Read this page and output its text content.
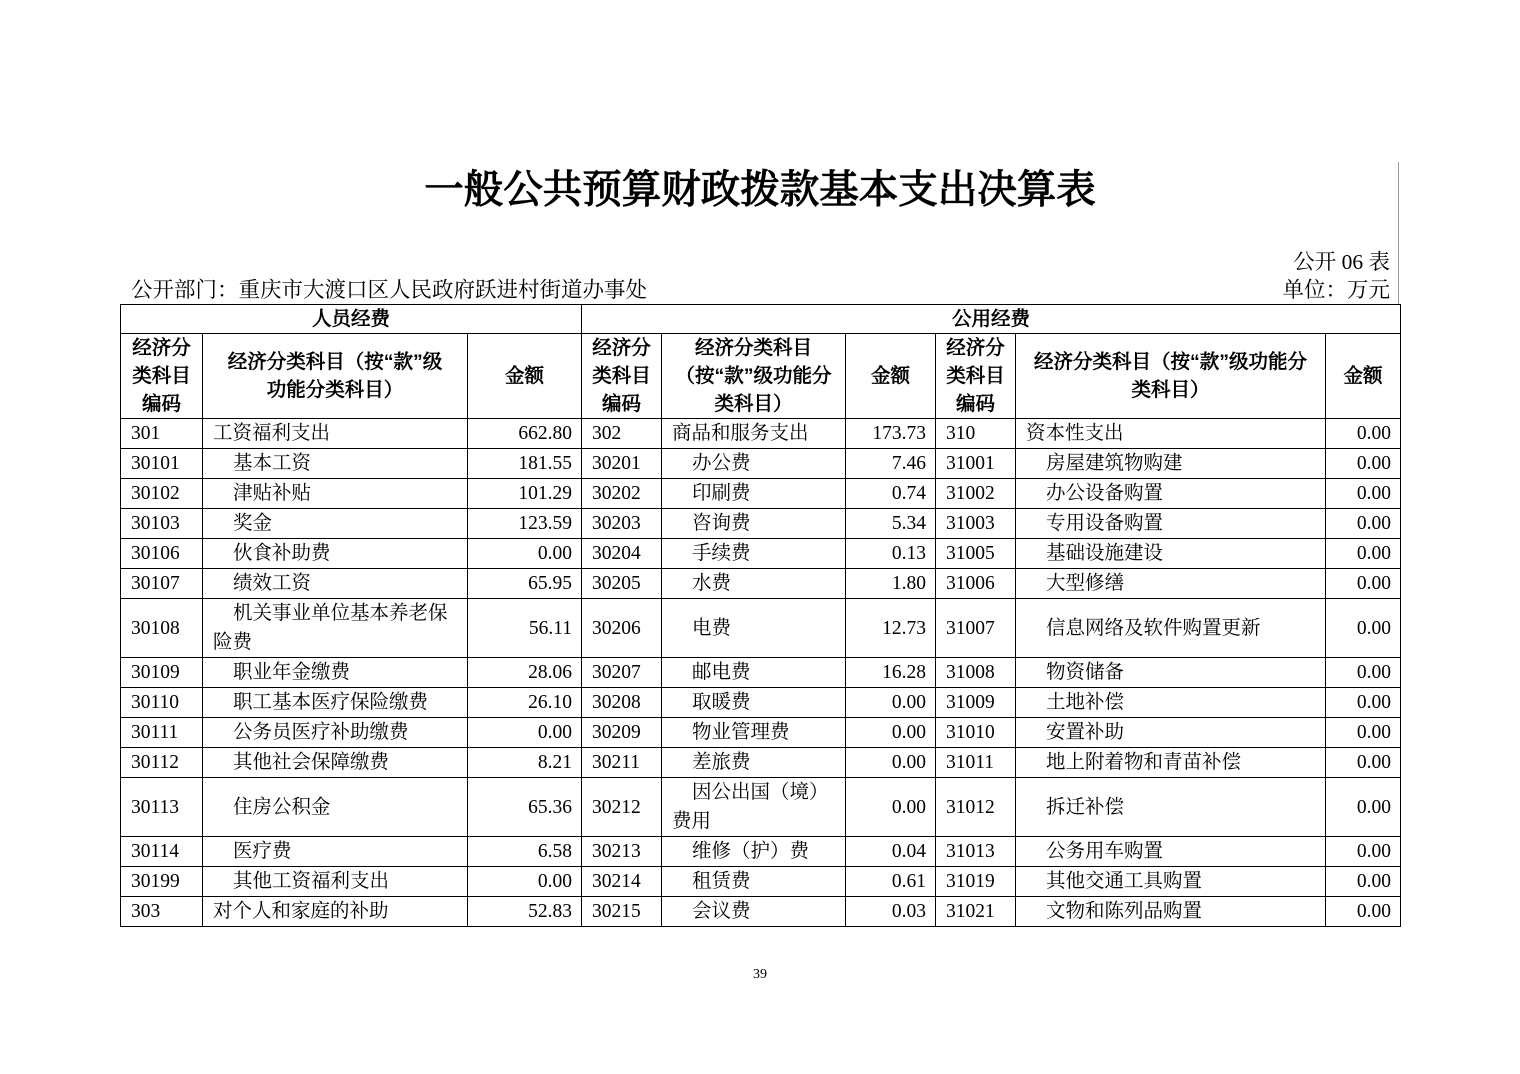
一般公共预算财政拨款基本支出决算表
公开 06 表
公开部门：重庆市大渡口区人民政府跃进村街道办事处	单位：万元
人员经费			公用经费					
经济分类科目编码	经济分类科目（按“款”级功能分类科目）	金额	经济分类科目编码	经济分类科目（按“款”级功能分类科目）	金额	经济分类科目编码	经济分类科目（按“款”级功能分类科目）	金额
301	工资福利支出	662.80	302	商品和服务支出	173.73	310	资本性支出	0.00
30101	基本工资	181.55	30201	办公费	7.46	31001	房屋建筑物购建	0.00
30102	津贴补贴	101.29	30202	印刷费	0.74	31002	办公设备购置	0.00
30103	奖金	123.59	30203	咨询费	5.34	31003	专用设备购置	0.00
30106	伙食补助费	0.00	30204	手续费	0.13	31005	基础设施建设	0.00
30107	绩效工资	65.95	30205	水费	1.80	31006	大型修缮	0.00
30108	机关事业单位基本养老保险费	56.11	30206	电费	12.73	31007	信息网络及软件购置更新	0.00
30109	职业年金缴费	28.06	30207	邮电费	16.28	31008	物资储备	0.00
30110	职工基本医疗保险缴费	26.10	30208	取暖费	0.00	31009	土地补偿	0.00
30111	公务员医疗补助缴费	0.00	30209	物业管理费	0.00	31010	安置补助	0.00
30112	其他社会保障缴费	8.21	30211	差旅费	0.00	31011	地上附着物和青苗补偿	0.00
30113	住房公积金	65.36	30212	因公出国（境）费用	0.00	31012	拆迁补偿	0.00
30114	医疗费	6.58	30213	维修（护）费	0.04	31013	公务用车购置	0.00
30199	其他工资福利支出	0.00	30214	租赁费	0.61	31019	其他交通工具购置	0.00
303	对个人和家庭的补助	52.83	30215	会议费	0.03	31021	文物和陈列品购置	0.00
39
